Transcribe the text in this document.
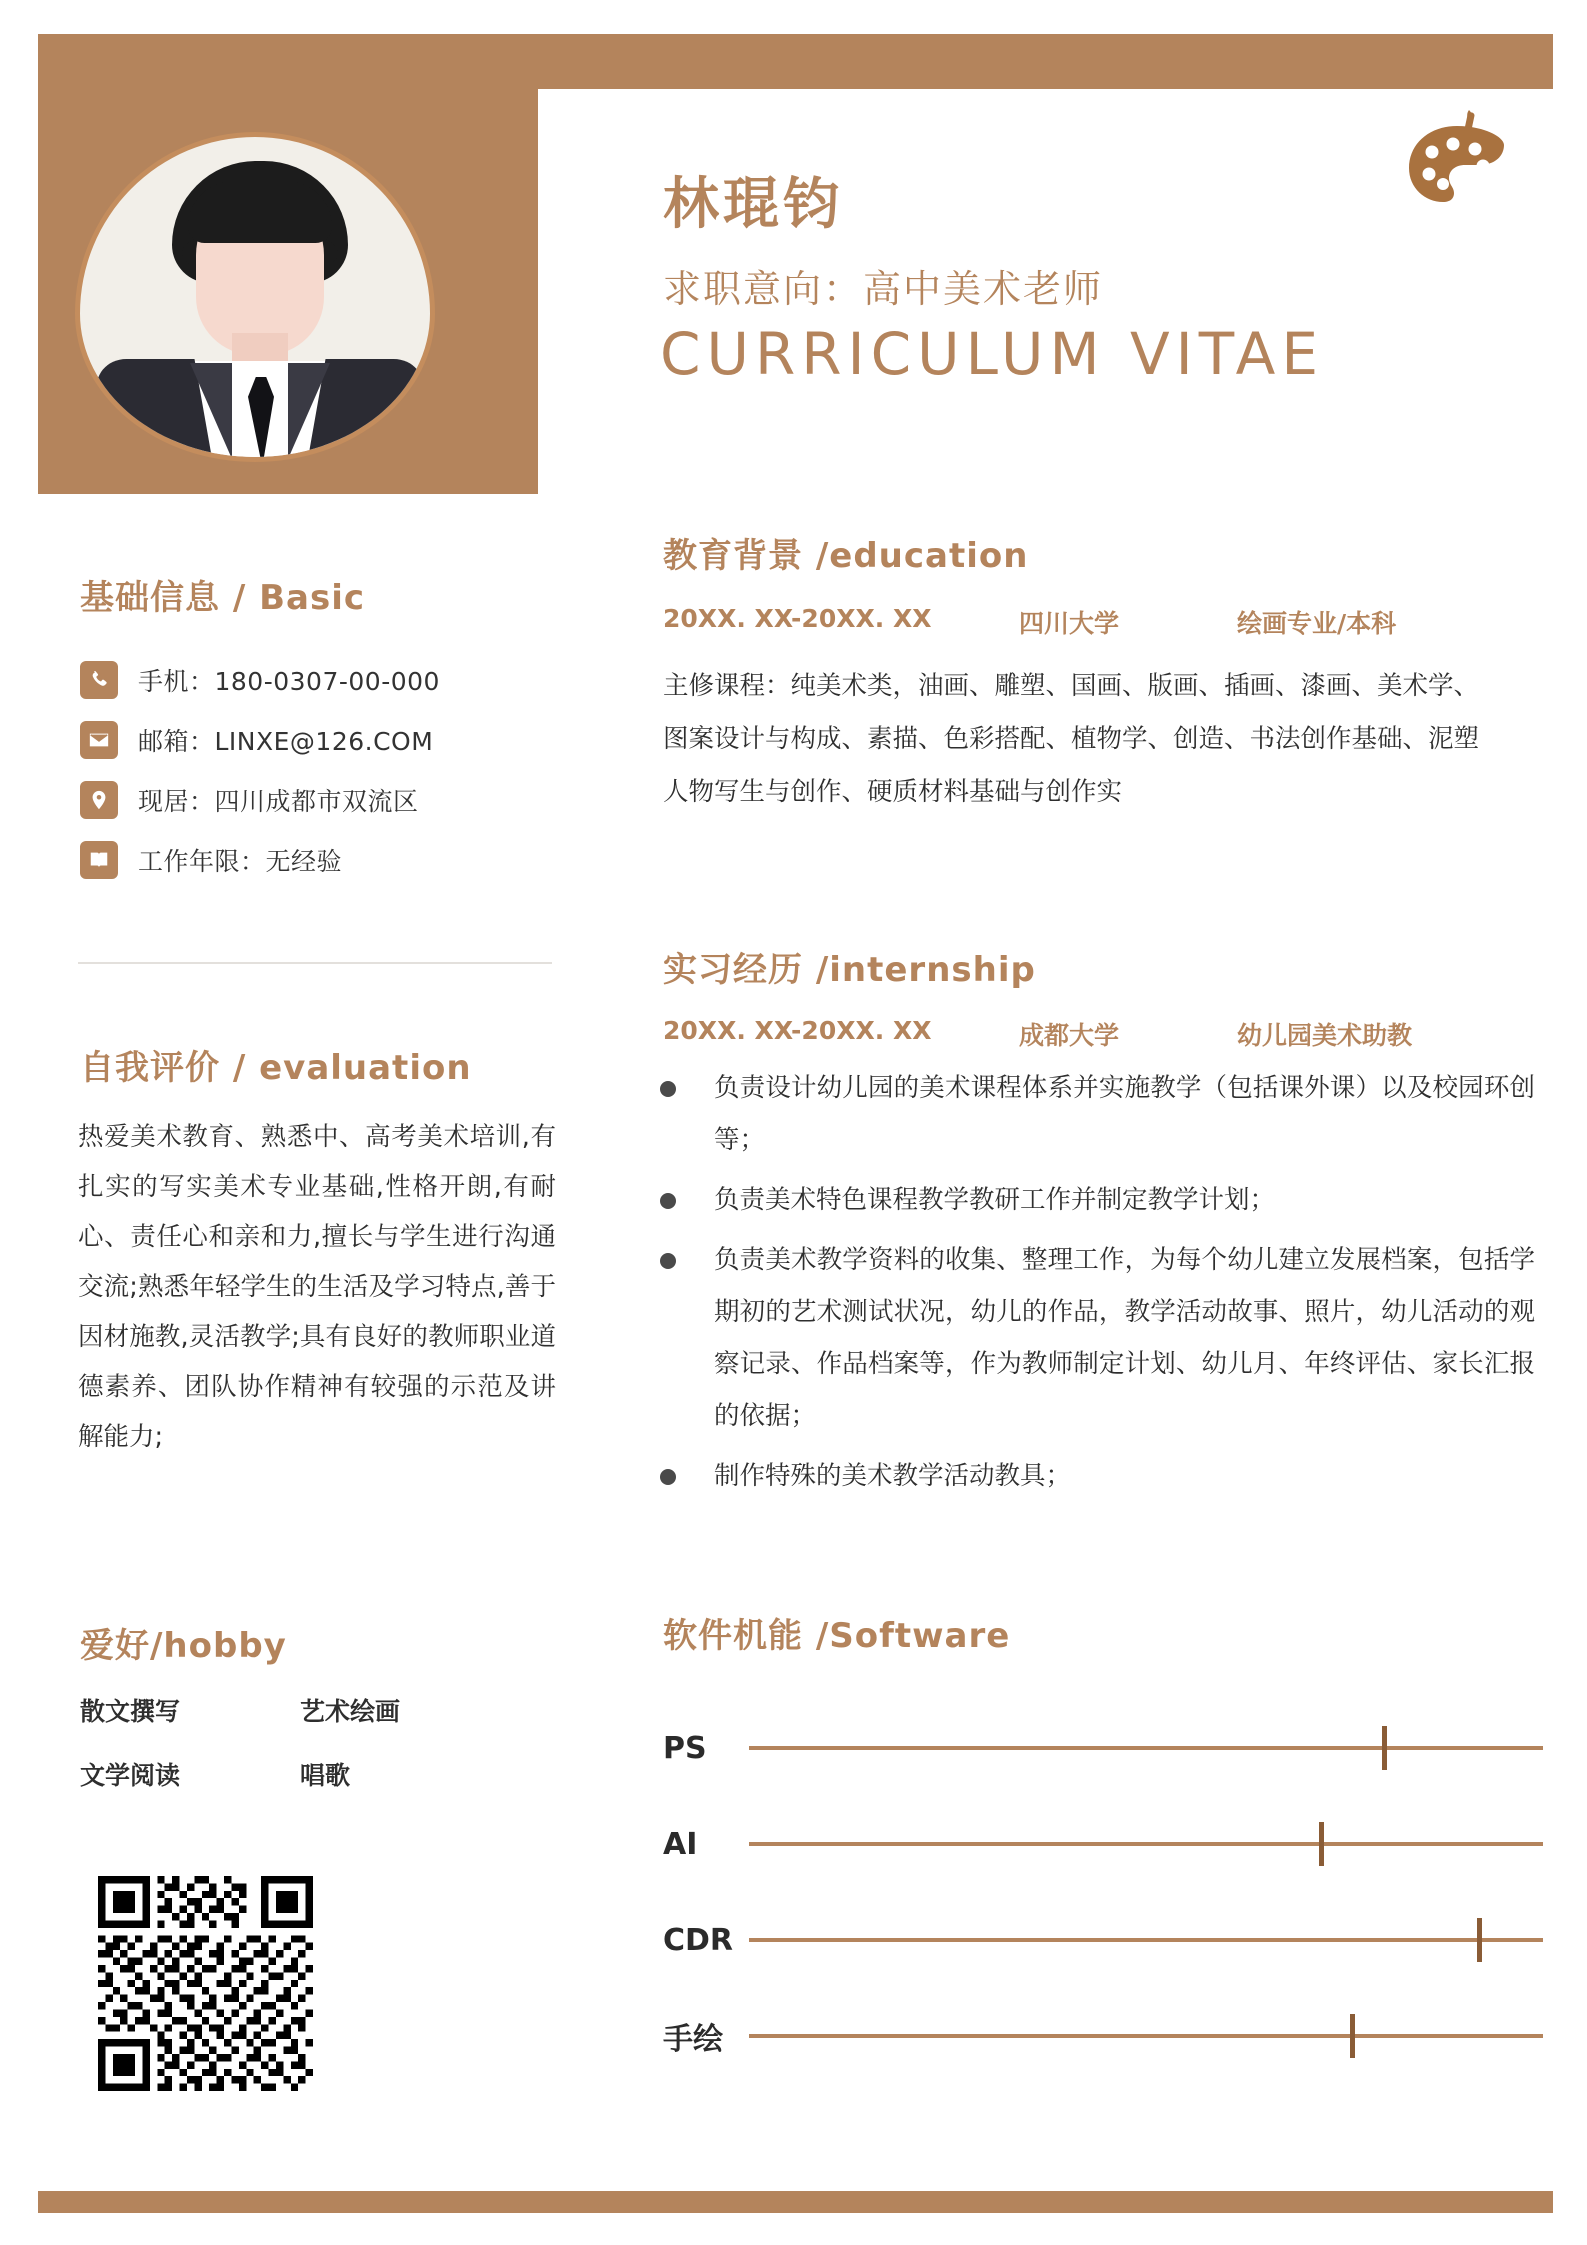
林琨钧
求职意向：高中美术老师
CURRICULUM VITAE
基础信息 / Basic
手机：180-0307-00-000
邮箱：LINXE@126.COM
现居：四川成都市双流区
工作年限：无经验
自我评价 / evaluation
热爱美术教育、熟悉中、高考美术培训,有扎实的写实美术专业基础,性格开朗,有耐心、责任心和亲和力,擅长与学生进行沟通交流;熟悉年轻学生的生活及学习特点,善于因材施教,灵活教学;具有良好的教师职业道德素养、团队协作精神有较强的示范及讲解能力;
爱好/hobby
散文撰写	艺术绘画
文学阅读	唱歌
教育背景 /education
20XX. XX-20XX. XX	四川大学	绘画专业/本科
主修课程：纯美术类，油画、雕塑、国画、版画、插画、漆画、美术学、图案设计与构成、素描、色彩搭配、植物学、创造、书法创作基础、泥塑人物写生与创作、硬质材料基础与创作实
实习经历 /internship
20XX. XX-20XX. XX	成都大学	幼儿园美术助教
负责设计幼儿园的美术课程体系并实施教学（包括课外课）以及校园环创等；
负责美术特色课程教学教研工作并制定教学计划；
负责美术教学资料的收集、整理工作，为每个幼儿建立发展档案，包括学期初的艺术测试状况，幼儿的作品，教学活动故事、照片，幼儿活动的观察记录、作品档案等，作为教师制定计划、幼儿月、年终评估、家长汇报的依据；
制作特殊的美术教学活动教具；
软件机能 /Software
PS
AI
CDR
手绘
